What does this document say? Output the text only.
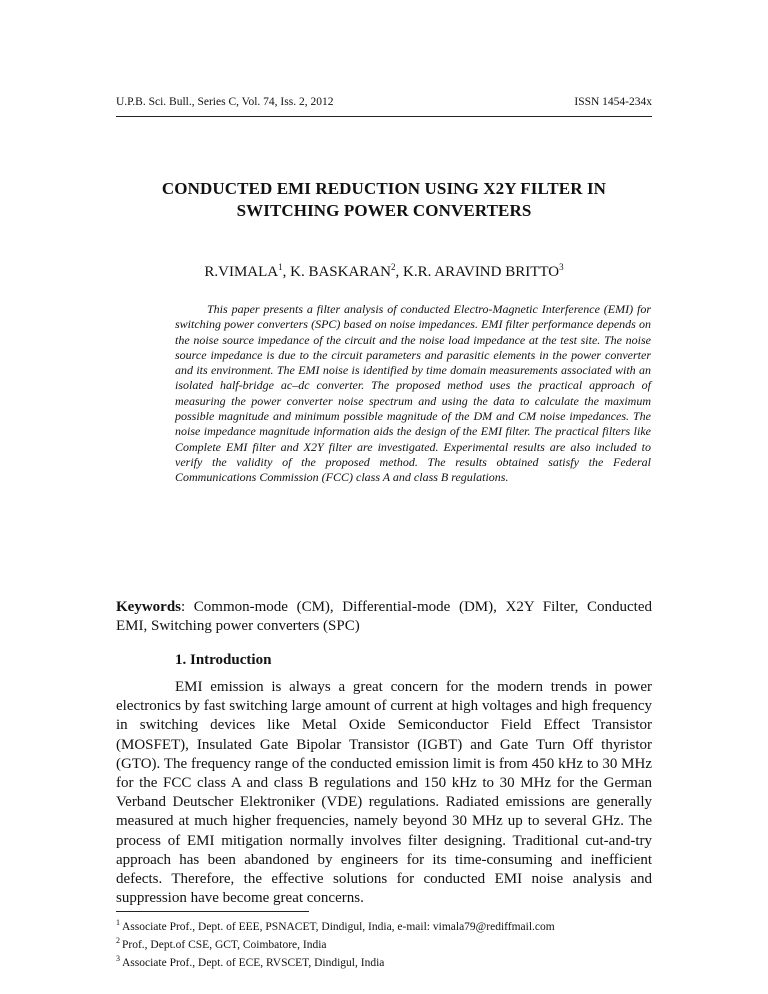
U.P.B. Sci. Bull., Series C, Vol. 74, Iss. 2, 2012	ISSN 1454-234x
CONDUCTED EMI REDUCTION USING X2Y FILTER IN SWITCHING POWER CONVERTERS
R.VIMALA$^1$, K. BASKARAN$^2$, K.R. ARAVIND BRITTO$^3$

This paper presents a filter analysis of conducted Electro-Magnetic Interference (EMI) for switching power converters (SPC) based on noise impedances. EMI filter performance depends on the noise source impedance of the circuit and the noise load impedance at the test site. The noise source impedance is due to the circuit parameters and parasitic elements in the power converter and its environment. The EMI noise is identified by time domain measurements associated with an isolated half-bridge ac–dc converter. The proposed method uses the practical approach of measuring the power converter noise spectrum and using the data to calculate the maximum possible magnitude and minimum possible magnitude of the DM and CM noise impedances. The noise impedance magnitude information aids the design of the EMI filter. The practical filters like Complete EMI filter and X2Y filter are investigated. Experimental results are also included to verify the validity of the proposed method. The results obtained satisfy the Federal Communications Commission (FCC) class A and class B regulations.

Keywords: Common-mode (CM), Differential-mode (DM), X2Y Filter, Conducted EMI, Switching power converters (SPC)

1. Introduction

EMI emission is always a great concern for the modern trends in power electronics by fast switching large amount of current at high voltages and high frequency in switching devices like Metal Oxide Semiconductor Field Effect Transistor (MOSFET), Insulated Gate Bipolar Transistor (IGBT) and Gate Turn Off thyristor (GTO). The frequency range of the conducted emission limit is from 450 kHz to 30 MHz for the FCC class A and class B regulations and 150 kHz to 30 MHz for the German Verband Deutscher Elektroniker (VDE) regulations. Radiated emissions are generally measured at much higher frequencies, namely beyond 30 MHz up to several GHz. The process of EMI mitigation normally involves filter designing. Traditional cut-and-try approach has been abandoned by engineers for its time-consuming and inefficient defects. Therefore, the effective solutions for conducted EMI noise analysis and suppression have become great concerns.

$^1$ Associate Prof., Dept. of EEE, PSNACET, Dindigul, India, e-mail: vimala79@rediffmail.com
$^2$ Prof., Dept.of CSE, GCT, Coimbatore, India
$^3$ Associate Prof., Dept. of ECE, RVSCET, Dindigul, India
